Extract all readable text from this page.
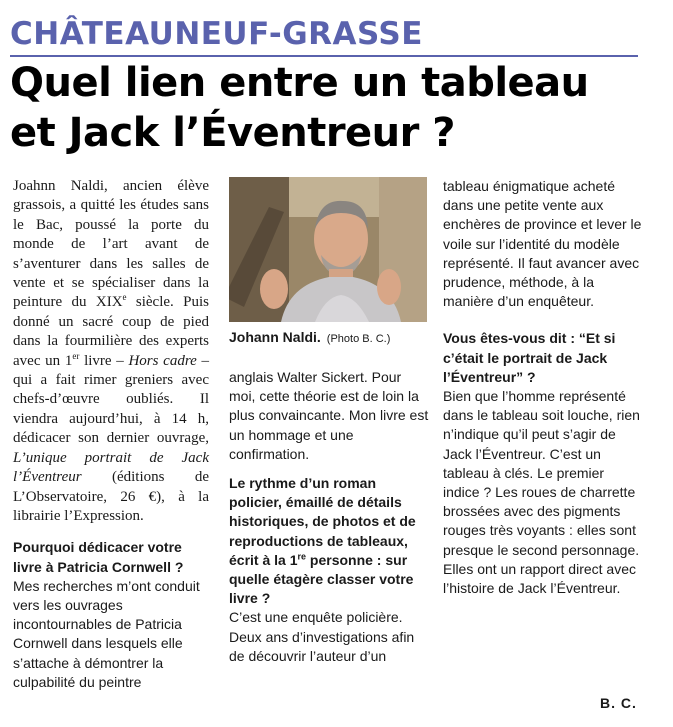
CHÂTEAUNEUF-GRASSE
Quel lien entre un tableau
et Jack l’Éventreur ?

Joahnn Naldi, ancien élève grassois, a quitté les études sans le Bac, poussé la porte du monde de l’art avant de s’aventurer dans les salles de vente et se spécialiser dans la peinture du XIXe siècle. Puis donné un sacré coup de pied dans la fourmilière des experts avec un 1er livre – Hors cadre – qui a fait rimer greniers avec chefs-d’œuvre oubliés. Il viendra aujourd’hui, à 14 h, dédicacer son dernier ouvrage, L’unique portrait de Jack l’Éventreur (éditions de L’Observatoire, 26 €), à la librairie l’Expression.

Pourquoi dédicacer votre livre à Patricia Cornwell ?

Mes recherches m’ont conduit vers les ouvrages incontournables de Patricia Cornwell dans lesquels elle s’attache à démontrer la culpabilité du peintre

Johann Naldi. (Photo B. C.)

anglais Walter Sickert. Pour moi, cette théorie est de loin la plus convaincante. Mon livre est un hommage et une confirmation.

Le rythme d’un roman policier, émaillé de détails historiques, de photos et de reproductions de tableaux, écrit à la 1re personne : sur quelle étagère classer votre livre ?

C’est une enquête policière. Deux ans d’investigations afin de découvrir l’auteur d’un

tableau énigmatique acheté dans une petite vente aux enchères de province et lever le voile sur l’identité du modèle représenté. Il faut avancer avec prudence, méthode, à la manière d’un enquêteur.

Vous êtes-vous dit : “Et si c’était le portrait de Jack l’Éventreur” ?

Bien que l’homme représenté dans le tableau soit louche, rien n’indique qu’il peut s’agir de Jack l’Éventreur. C’est un tableau à clés. Le premier indice ? Les roues de charrette brossées avec des pigments rouges très voyants : elles sont presque le second personnage. Elles ont un rapport direct avec l’histoire de Jack l’Éventreur.

B. C.
